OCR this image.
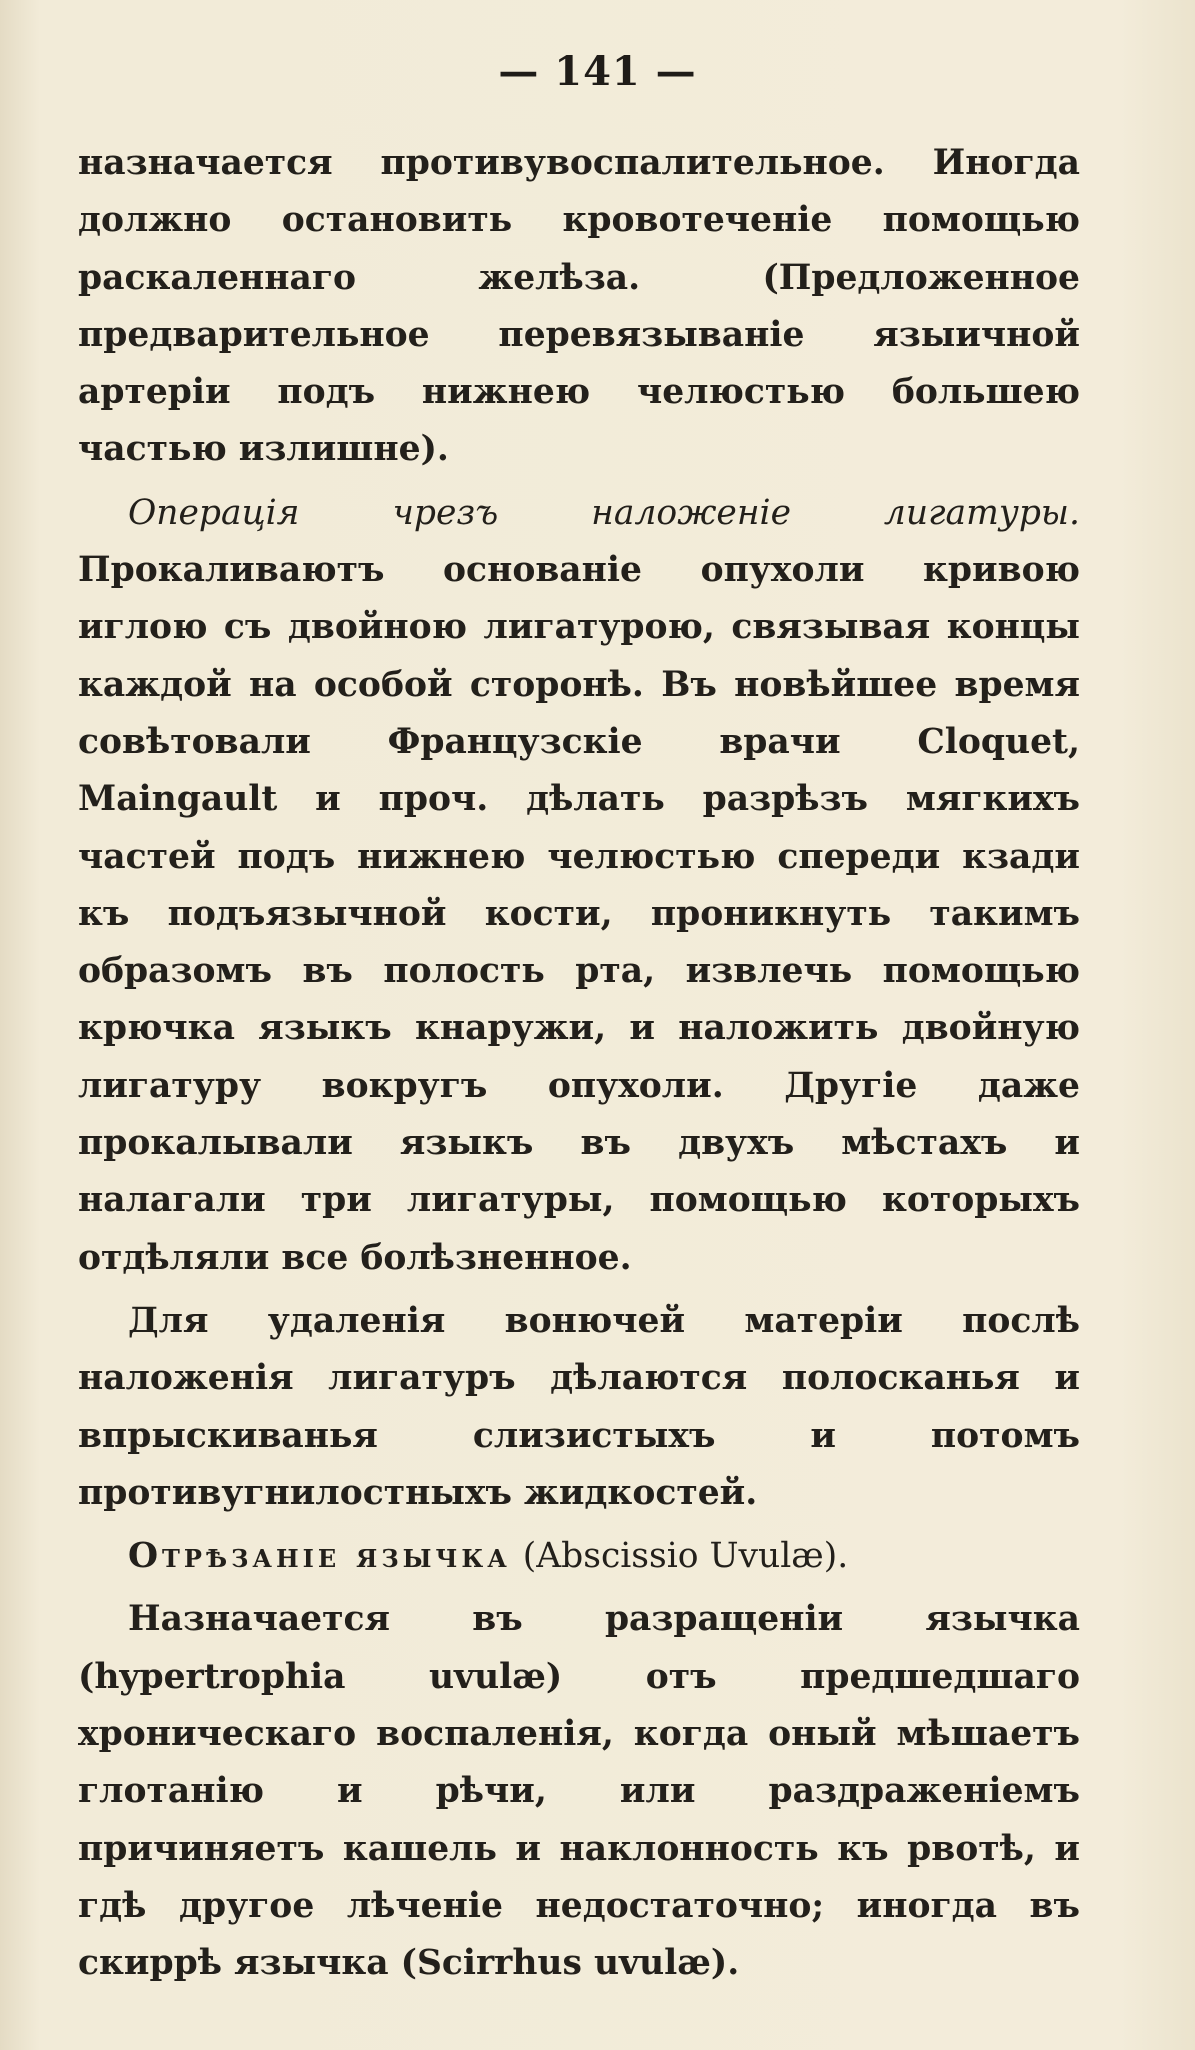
— 141 —

назначается противувоспалительное. Иногда должно остановить кровотеченіе помощью раскаленнаго желѣза. (Предложенное предварительное перевязываніе языичной артеріи подъ нижнею челюстью большею частью излишне).

Операція чрезъ наложеніе лигатуры. Прокаливаютъ основаніе опухоли кривою иглою съ двойною лигатурою, связывая концы каждой на особой сторонѣ. Въ новѣйшее время совѣтовали Французскіе врачи Cloquet, Maingault и проч. дѣлать разрѣзъ мягкихъ частей подъ нижнею челюстью спереди кзади къ подъязычной кости, проникнуть такимъ образомъ въ полость рта, извлечь помощью крючка языкъ кнаружи, и наложить двойную лигатуру вокругъ опухоли. Другіе даже прокалывали языкъ въ двухъ мѣстахъ и налагали три лигатуры, помощью которыхъ отдѣляли все болѣзненное.

Для удаленія вонючей матеріи послѣ наложенія лигатуръ дѣлаются полосканья и впрыскиванья слизистыхъ и потомъ противугнилостныхъ жидкостей.

Отрѣзаніе язычка (Abscissio Uvulæ).

Назначается въ разращеніи язычка (hypertrophia uvulæ) отъ предшедшаго хроническаго воспаленія, когда оный мѣшаетъ глотанію и рѣчи, или раздраженіемъ причиняетъ кашель и наклонность къ рвотѣ, и гдѣ другое лѣченіе недостаточно; иногда въ скиррѣ язычка (Scirrhus uvulæ).
